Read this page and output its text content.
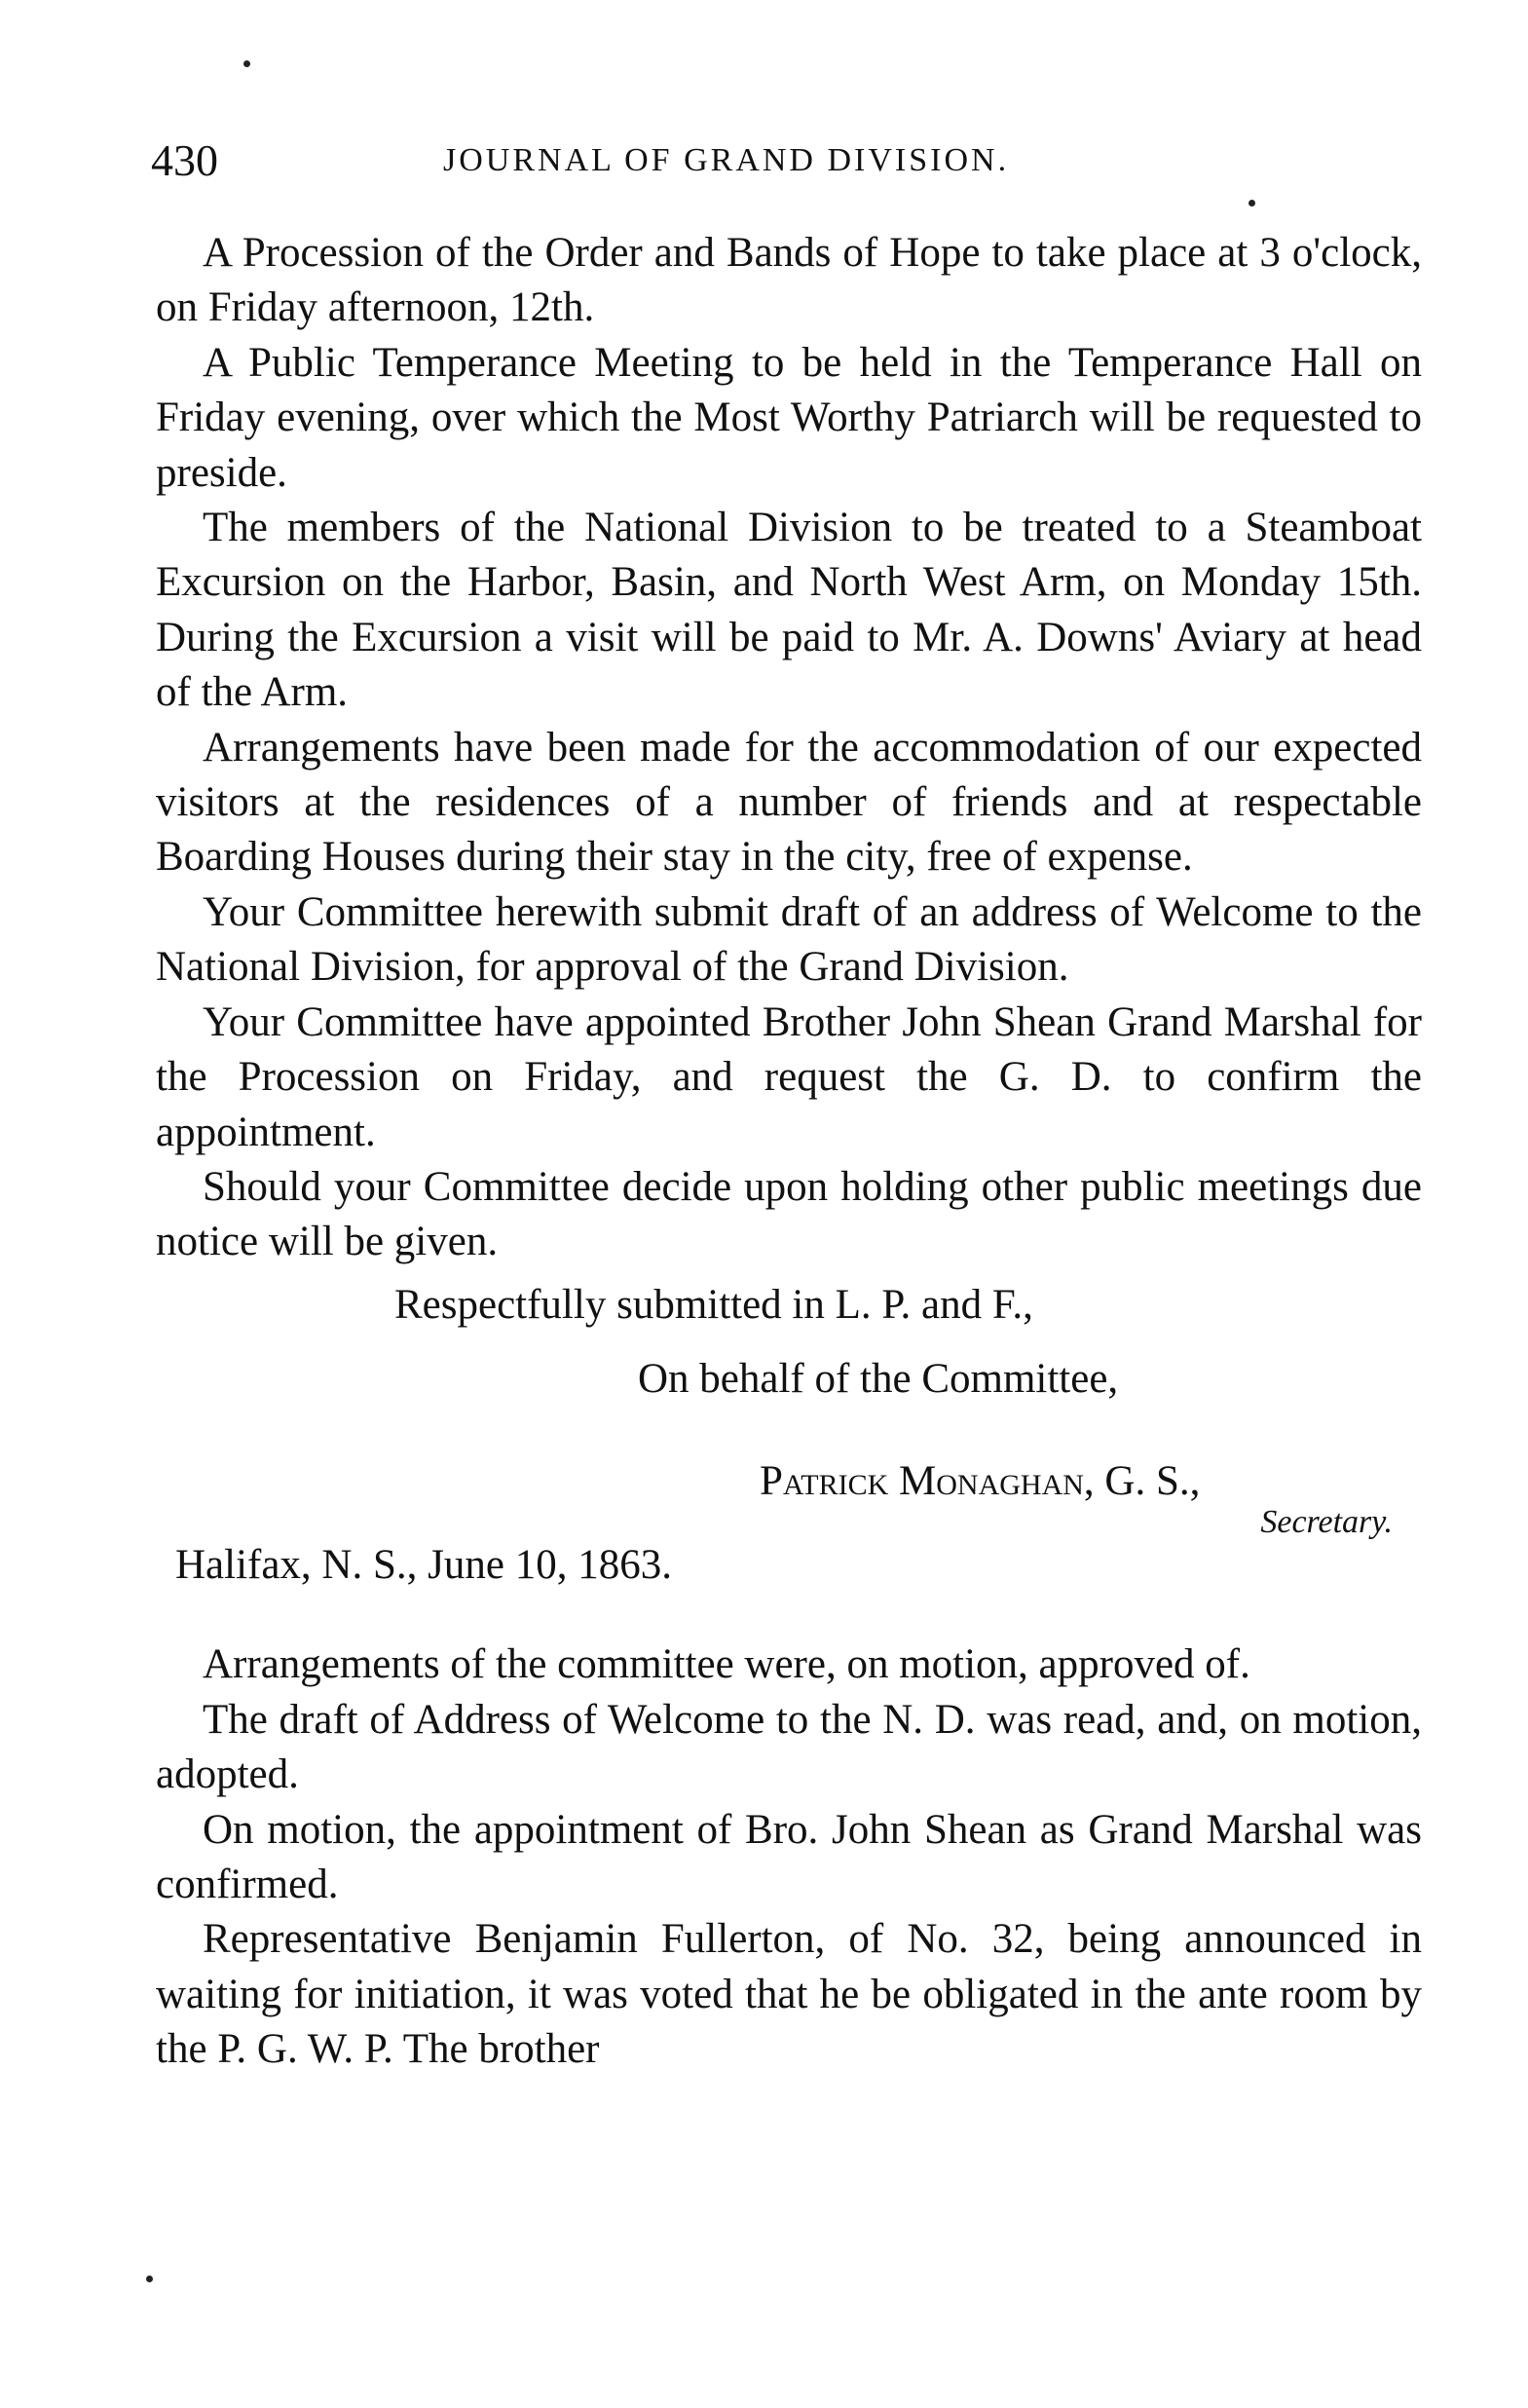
430	JOURNAL OF GRAND DIVISION.

A Procession of the Order and Bands of Hope to take place at 3 o'clock, on Friday afternoon, 12th.

A Public Temperance Meeting to be held in the Temperance Hall on Friday evening, over which the Most Worthy Patriarch will be requested to preside.

The members of the National Division to be treated to a Steamboat Excursion on the Harbor, Basin, and North West Arm, on Monday 15th. During the Excursion a visit will be paid to Mr. A. Downs' Aviary at head of the Arm.

Arrangements have been made for the accommodation of our expected visitors at the residences of a number of friends and at respectable Boarding Houses during their stay in the city, free of expense.

Your Committee herewith submit draft of an address of Welcome to the National Division, for approval of the Grand Division.

Your Committee have appointed Brother John Shean Grand Marshal for the Procession on Friday, and request the G. D. to confirm the appointment.

Should your Committee decide upon holding other public meetings due notice will be given.

Respectfully submitted in L. P. and F.,

On behalf of the Committee,

Patrick Monaghan, G. S.,

Secretary.

Halifax, N. S., June 10, 1863.

Arrangements of the committee were, on motion, approved of.

The draft of Address of Welcome to the N. D. was read, and, on motion, adopted.

On motion, the appointment of Bro. John Shean as Grand Marshal was confirmed.

Representative Benjamin Fullerton, of No. 32, being announced in waiting for initiation, it was voted that he be obligated in the ante room by the P. G. W. P. The brother
